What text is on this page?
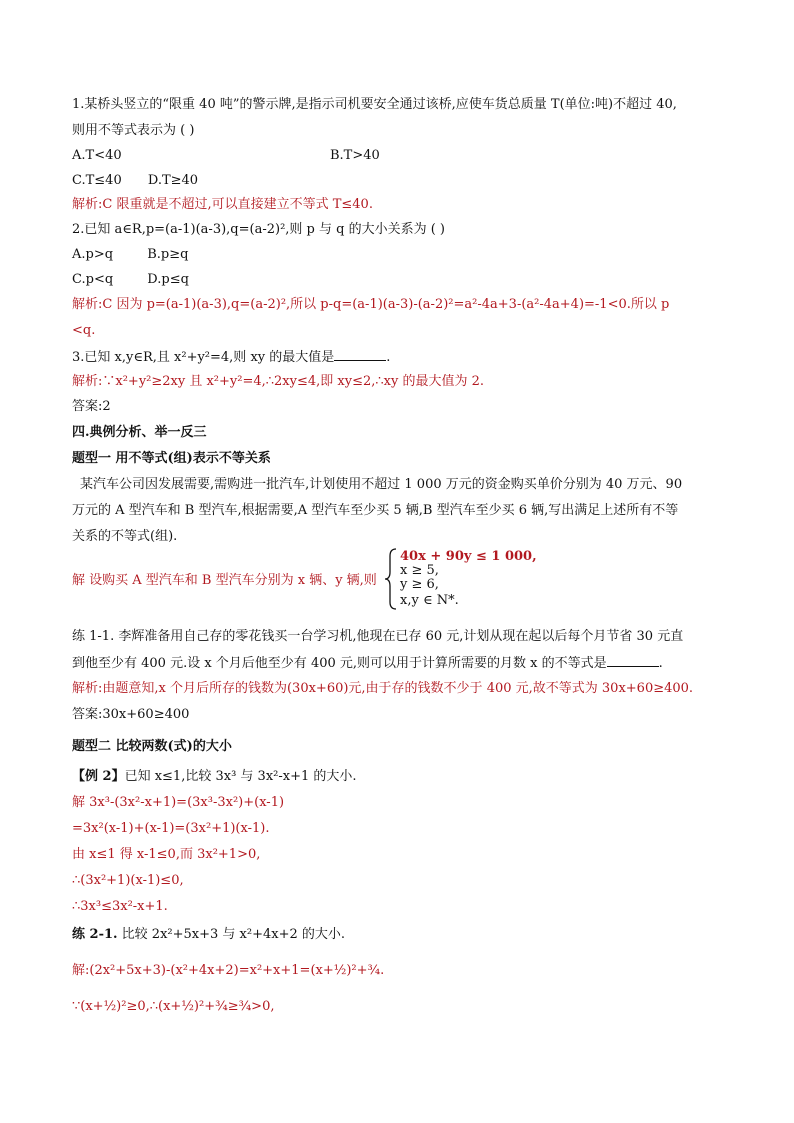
1.某桥头竖立的“限重 40 吨”的警示牌,是指示司机要安全通过该桥,应使车货总质量 T(单位:吨)不超过 40,
则用不等式表示为 ( )
A.T<40	B.T>40
C.T≤40 D.T≥40
解析:C 限重就是不超过,可以直接建立不等式 T≤40.
2.已知 a∈R,p=(a-1)(a-3),q=(a-2)²,则 p 与 q 的大小关系为 ( )
A.p>q	B.p≥q
C.p<q	D.p≤q
解析:C 因为 p=(a-1)(a-3),q=(a-2)²,所以 p-q=(a-1)(a-3)-(a-2)²=a²-4a+3-(a²-4a+4)=-1<0.所以 p
<q.
3.已知 x,y∈R,且 x²+y²=4,则 xy 的最大值是	.
解析:∵x²+y²≥2xy 且 x²+y²=4,∴2xy≤4,即 xy≤2,∴xy 的最大值为 2.
答案:2
四.典例分析、举一反三
题型一 用不等式(组)表示不等关系
某汽车公司因发展需要,需购进一批汽车,计划使用不超过 1 000 万元的资金购买单价分别为 40 万元、90
万元的 A 型汽车和 B 型汽车,根据需要,A 型汽车至少买 5 辆,B 型汽车至少买 6 辆,写出满足上述所有不等
关系的不等式(组).
解 设购买 A 型汽车和 B 型汽车分别为 x 辆、y 辆,则
40x + 90y ≤ 1 000,
x ≥ 5,
y ≥ 6,
x,y ∈ N*.
练 1-1. 李辉准备用自己存的零花钱买一台学习机,他现在已存 60 元,计划从现在起以后每个月节省 30 元直
到他至少有 400 元.设 x 个月后他至少有 400 元,则可以用于计算所需要的月数 x 的不等式是	.
解析:由题意知,x 个月后所存的钱数为(30x+60)元,由于存的钱数不少于 400 元,故不等式为 30x+60≥400.
答案:30x+60≥400
题型二 比较两数(式)的大小
【例 2】已知 x≤1,比较 3x³ 与 3x²-x+1 的大小.
解 3x³-(3x²-x+1)=(3x³-3x²)+(x-1)
=3x²(x-1)+(x-1)=(3x²+1)(x-1).
由 x≤1 得 x-1≤0,而 3x²+1>0,
∴(3x²+1)(x-1)≤0,
∴3x³≤3x²-x+1.
练 2-1. 比较 2x²+5x+3 与 x²+4x+2 的大小.
解:(2x²+5x+3)-(x²+4x+2)=x²+x+1=(x+½)²+¾.
∵(x+½)²≥0,∴(x+½)²+¾≥¾>0,
